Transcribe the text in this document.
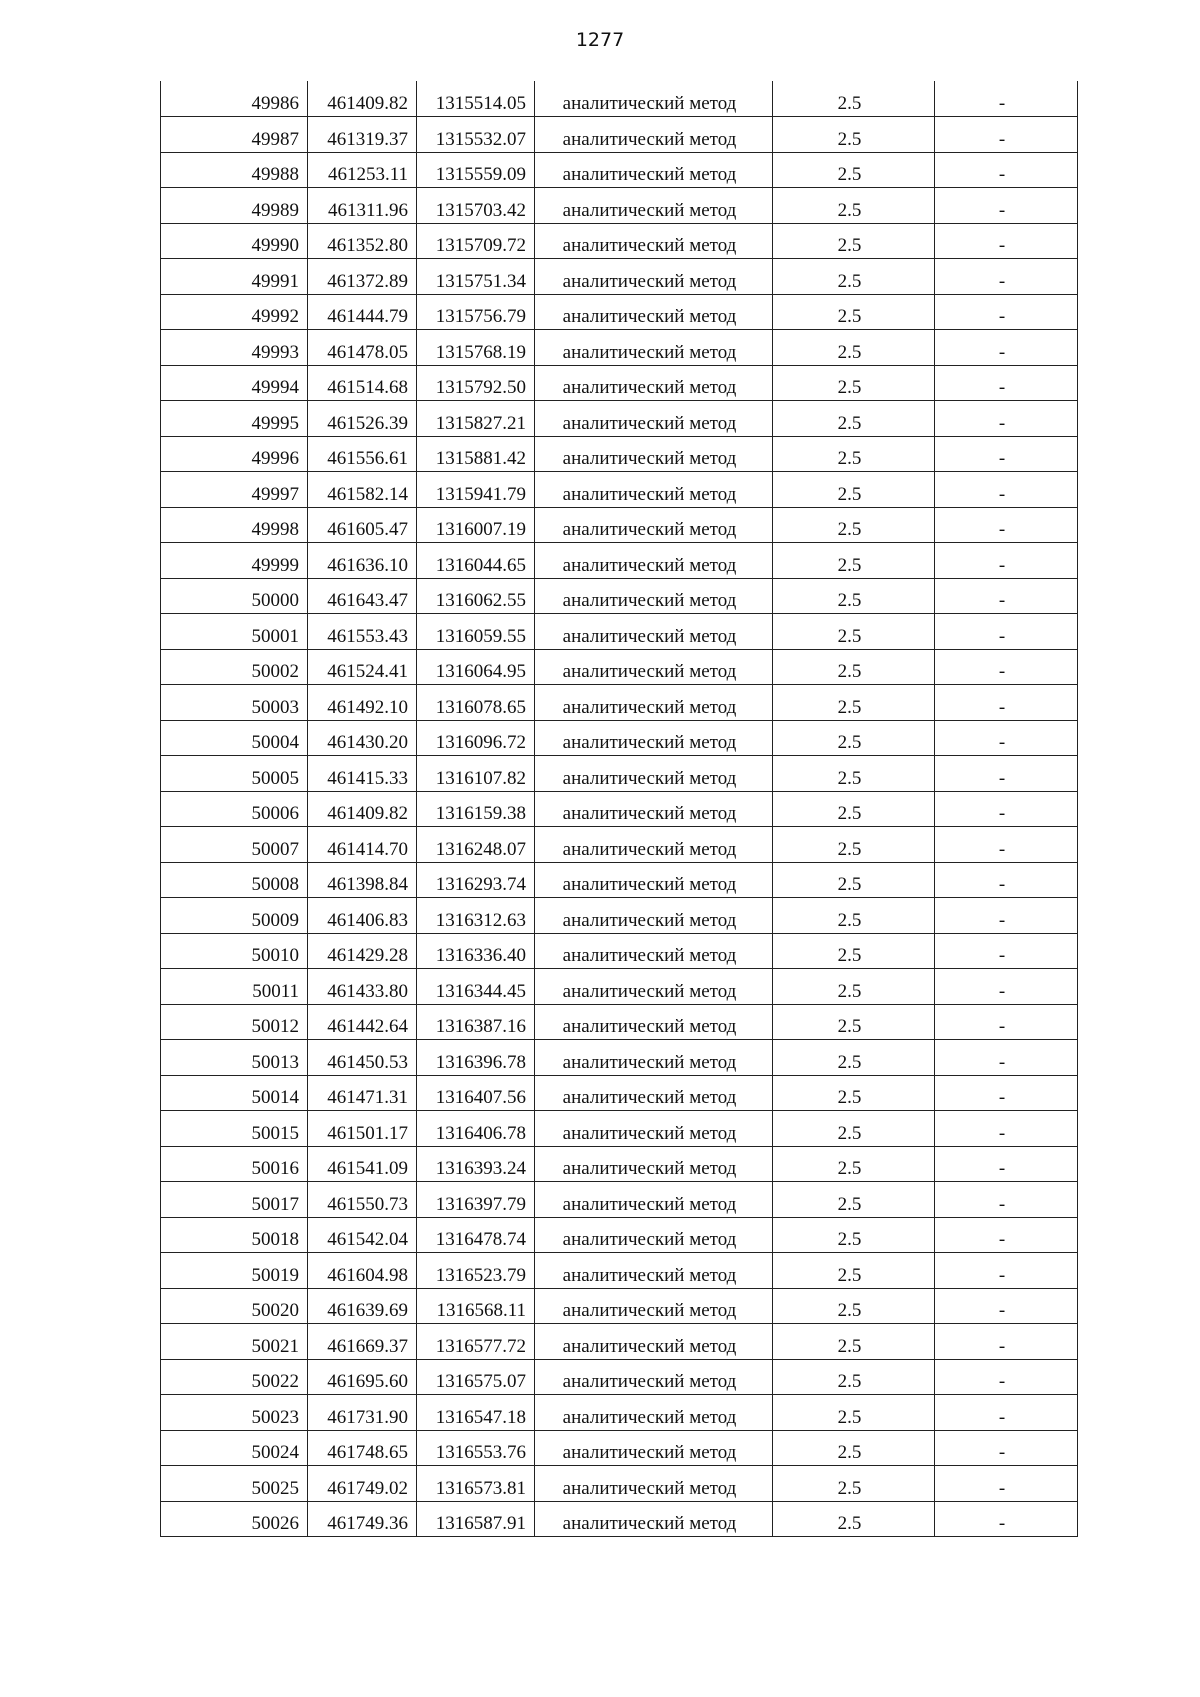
1277
49986	461409.82	1315514.05	аналитический метод	2.5	-
49987	461319.37	1315532.07	аналитический метод	2.5	-
49988	461253.11	1315559.09	аналитический метод	2.5	-
49989	461311.96	1315703.42	аналитический метод	2.5	-
49990	461352.80	1315709.72	аналитический метод	2.5	-
49991	461372.89	1315751.34	аналитический метод	2.5	-
49992	461444.79	1315756.79	аналитический метод	2.5	-
49993	461478.05	1315768.19	аналитический метод	2.5	-
49994	461514.68	1315792.50	аналитический метод	2.5	-
49995	461526.39	1315827.21	аналитический метод	2.5	-
49996	461556.61	1315881.42	аналитический метод	2.5	-
49997	461582.14	1315941.79	аналитический метод	2.5	-
49998	461605.47	1316007.19	аналитический метод	2.5	-
49999	461636.10	1316044.65	аналитический метод	2.5	-
50000	461643.47	1316062.55	аналитический метод	2.5	-
50001	461553.43	1316059.55	аналитический метод	2.5	-
50002	461524.41	1316064.95	аналитический метод	2.5	-
50003	461492.10	1316078.65	аналитический метод	2.5	-
50004	461430.20	1316096.72	аналитический метод	2.5	-
50005	461415.33	1316107.82	аналитический метод	2.5	-
50006	461409.82	1316159.38	аналитический метод	2.5	-
50007	461414.70	1316248.07	аналитический метод	2.5	-
50008	461398.84	1316293.74	аналитический метод	2.5	-
50009	461406.83	1316312.63	аналитический метод	2.5	-
50010	461429.28	1316336.40	аналитический метод	2.5	-
50011	461433.80	1316344.45	аналитический метод	2.5	-
50012	461442.64	1316387.16	аналитический метод	2.5	-
50013	461450.53	1316396.78	аналитический метод	2.5	-
50014	461471.31	1316407.56	аналитический метод	2.5	-
50015	461501.17	1316406.78	аналитический метод	2.5	-
50016	461541.09	1316393.24	аналитический метод	2.5	-
50017	461550.73	1316397.79	аналитический метод	2.5	-
50018	461542.04	1316478.74	аналитический метод	2.5	-
50019	461604.98	1316523.79	аналитический метод	2.5	-
50020	461639.69	1316568.11	аналитический метод	2.5	-
50021	461669.37	1316577.72	аналитический метод	2.5	-
50022	461695.60	1316575.07	аналитический метод	2.5	-
50023	461731.90	1316547.18	аналитический метод	2.5	-
50024	461748.65	1316553.76	аналитический метод	2.5	-
50025	461749.02	1316573.81	аналитический метод	2.5	-
50026	461749.36	1316587.91	аналитический метод	2.5	-
